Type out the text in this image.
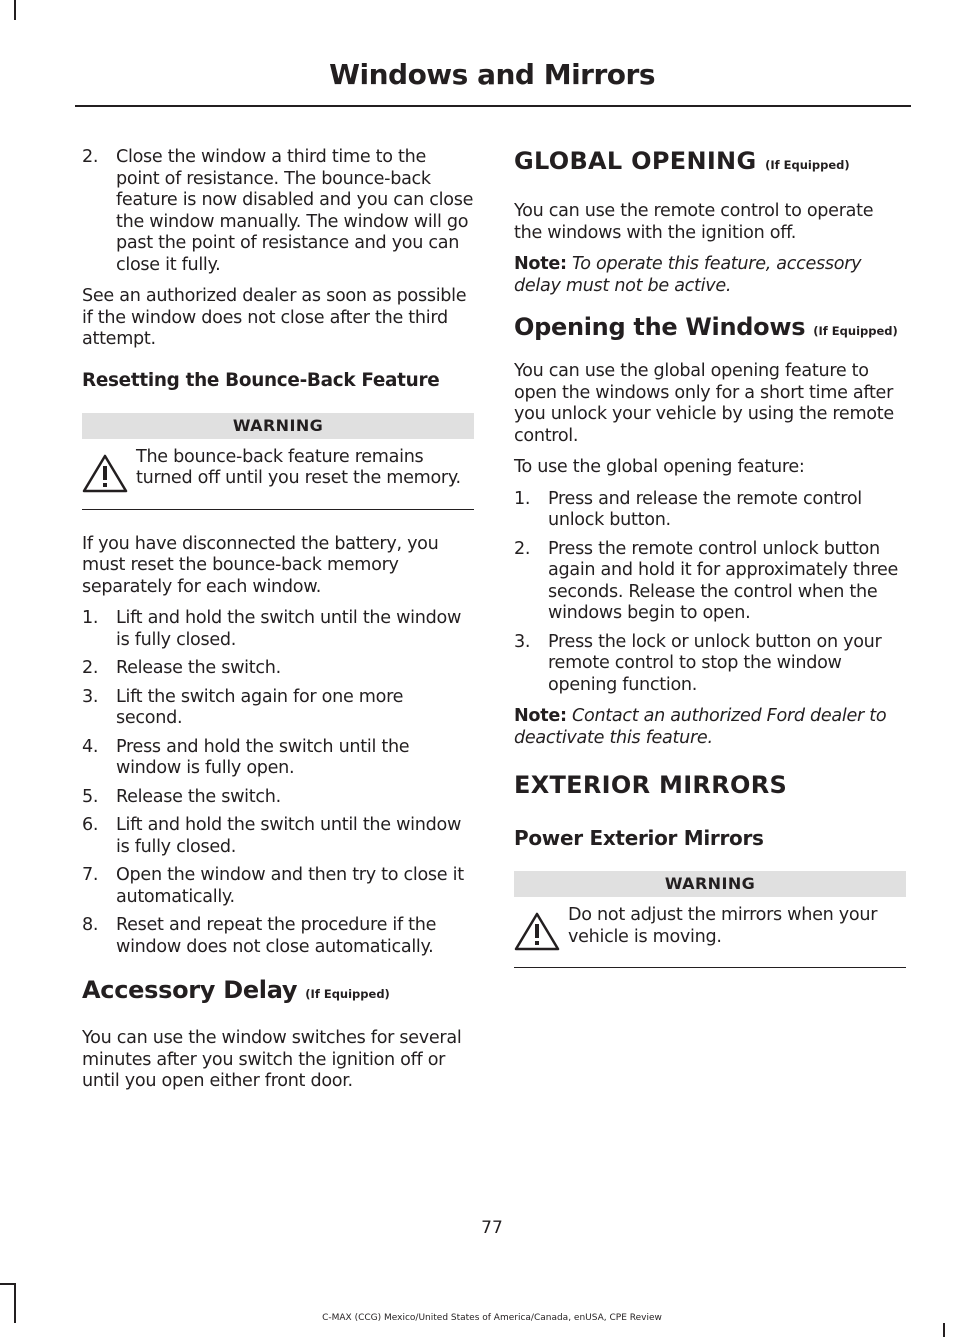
Windows and Mirrors
2.	Close the window a third time to the point of resistance. The bounce-back feature is now disabled and you can close the window manually. The window will go past the point of resistance and you can close it fully.

See an authorized dealer as soon as possible if the window does not close after the third attempt.

Resetting the Bounce-Back Feature
WARNING
The bounce-back feature remains turned off until you reset the memory.

If you have disconnected the battery, you must reset the bounce-back memory separately for each window.

1.	Lift and hold the switch until the window is fully closed.
2.	Release the switch.
3.	Lift the switch again for one more second.
4.	Press and hold the switch until the window is fully open.
5.	Release the switch.
6.	Lift and hold the switch until the window is fully closed.
7.	Open the window and then try to close it automatically.
8.	Reset and repeat the procedure if the window does not close automatically.
Accessory Delay (If Equipped)

You can use the window switches for several minutes after you switch the ignition off or until you open either front door.

GLOBAL OPENING (If Equipped)

You can use the remote control to operate the windows with the ignition off.

Note: To operate this feature, accessory delay must not be active.

Opening the Windows (If Equipped)

You can use the global opening feature to open the windows only for a short time after you unlock your vehicle by using the remote control.

To use the global opening feature:

1.	Press and release the remote control unlock button.
2.	Press the remote control unlock button again and hold it for approximately three seconds. Release the control when the windows begin to open.
3.	Press the lock or unlock button on your remote control to stop the window opening function.

Note: Contact an authorized Ford dealer to deactivate this feature.

EXTERIOR MIRRORS
Power Exterior Mirrors
WARNING
Do not adjust the mirrors when your vehicle is moving.
77
C-MAX (CCG) Mexico/United States of America/Canada, enUSA, CPE Review
